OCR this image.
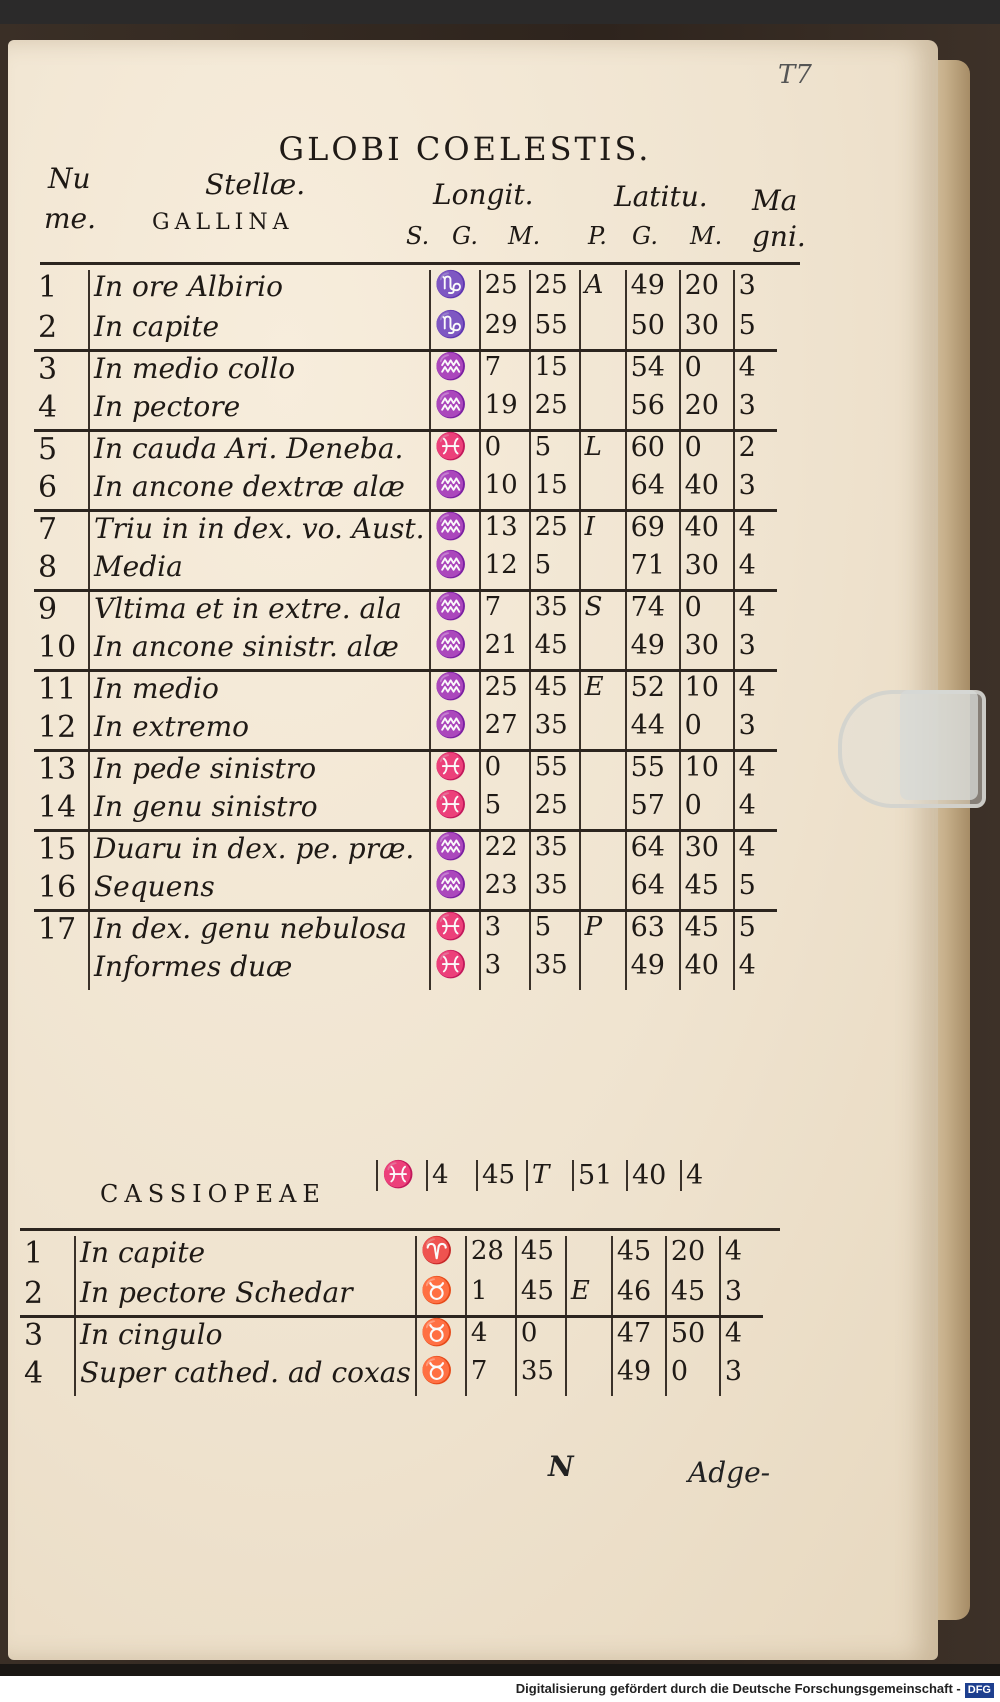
T7
GLOBI COELESTIS.
Nu
me.
Stellæ.
GALLINA
Longit.	Latitu. Ma
gni.
S. G. M. P. G. M.
1	In ore Albirio	♑	25	25	A	49	20	3
2	In capite	♑	29	55		50	30	5
3	In medio collo	♒	7	15		54	0	4
4	In pectore	♒	19	25		56	20	3
5	In cauda Ari. Deneba.	♓	0	5	L	60	0	2
6	In ancone dextræ alæ	♒	10	15		64	40	3
7	Triu in in dex. vo. Aust.	♒	13	25	I	69	40	4
8	Media	♒	12	5		71	30	4
9	Vltima et in extre. ala	♒	7	35	S	74	0	4
10	In ancone sinistr. alæ	♒	21	45		49	30	3
11	In medio	♒	25	45	E	52	10	4
12	In extremo	♒	27	35		44	0	3
13	In pede sinistro	♓	0	55		55	10	4
14	In genu sinistro	♓	5	25		57	0	4
15	Duaru in dex. pe. præ.	♒	22	35		64	30	4
16	Sequens	♒	23	35		64	45	5
17	In dex. genu nebulosa	♓	3	5	P	63	45	5
	Informes duæ	♓	3	35		49	40	4
CASSIOPEAE
♓	4	45	T	51	40	4
1	In capite	♈	28	45		45	20	4
2	In pectore Schedar	♉	1	45	E	46	45	3
3	In cingulo	♉	4	0		47	50	4
4	Super cathed. ad coxas	♉	7	35		49	0	3
N	Adge-
Digitalisierung gefördert durch die Deutsche Forschungsgemeinschaft - DFG
